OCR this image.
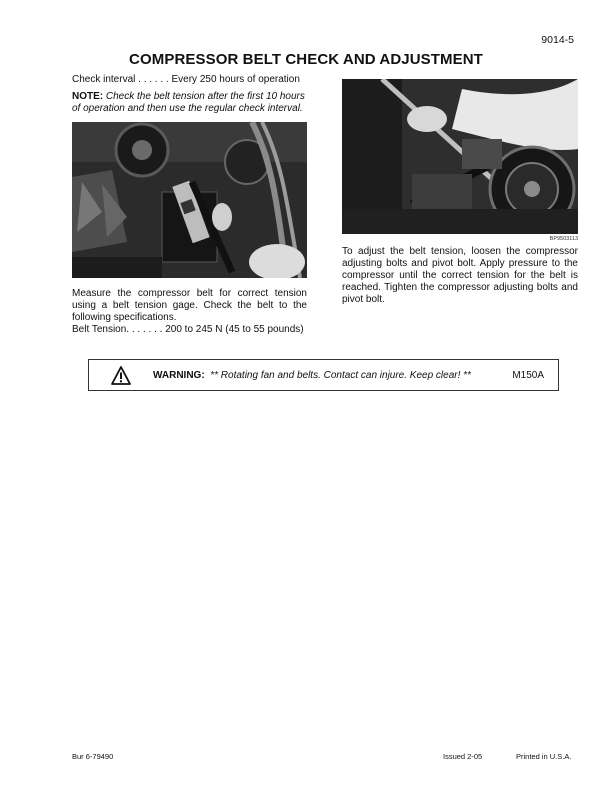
9014-5
COMPRESSOR BELT CHECK AND ADJUSTMENT
Check interval . . . . . . Every 250 hours of operation
NOTE: Check the belt tension after the first 10 hours of operation and then use the regular check interval.
BP9503113
Measure the compressor belt for correct tension using a belt tension gage. Check the belt to the following specifications.
Belt Tension. . . . . . . 200 to 245 N (45 to 55 pounds)
To adjust the belt tension, loosen the compressor adjusting bolts and pivot bolt. Apply pressure to the compressor until the correct tension for the belt is reached. Tighten the compressor adjusting bolts and pivot bolt.
WARNING: ** Rotating fan and belts. Contact can injure. Keep clear! **	M150A
Bur 6-79490	Issued 2-05	Printed in U.S.A.
